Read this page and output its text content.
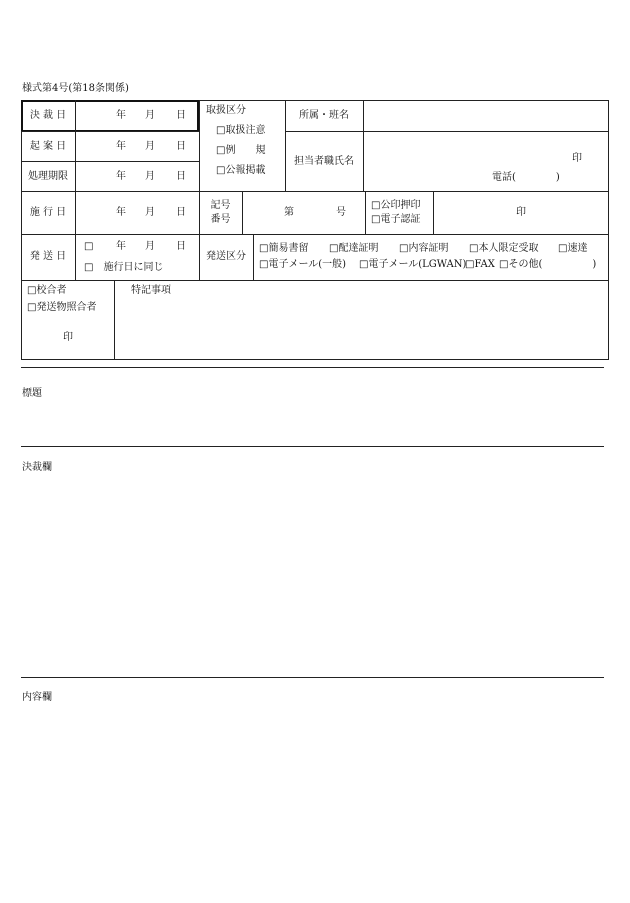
様式第4号(第18条関係)
決 裁 日
起 案 日
処理期限
施 行 日
発 送 日
年 月 日
年 月 日
年 月 日
年 月 日
□ 年 月 日
□　施行日に同じ
取扱区分
□取扱注意
□例　　規
□公報掲載
所属・班名
担当者職氏名	印
電話(　　　　)
記号
番号
第	号
□公印押印
□電子認証
印
発送区分
□簡易書留 □配達証明 □内容証明 □本人限定受取 □速達
□電子メール(一般) □電子メール(LGWAN)
□FAX □その他(　　　　　)
□校合者
□発送物照合者
印
特記事項
標題
決裁欄
内容欄
